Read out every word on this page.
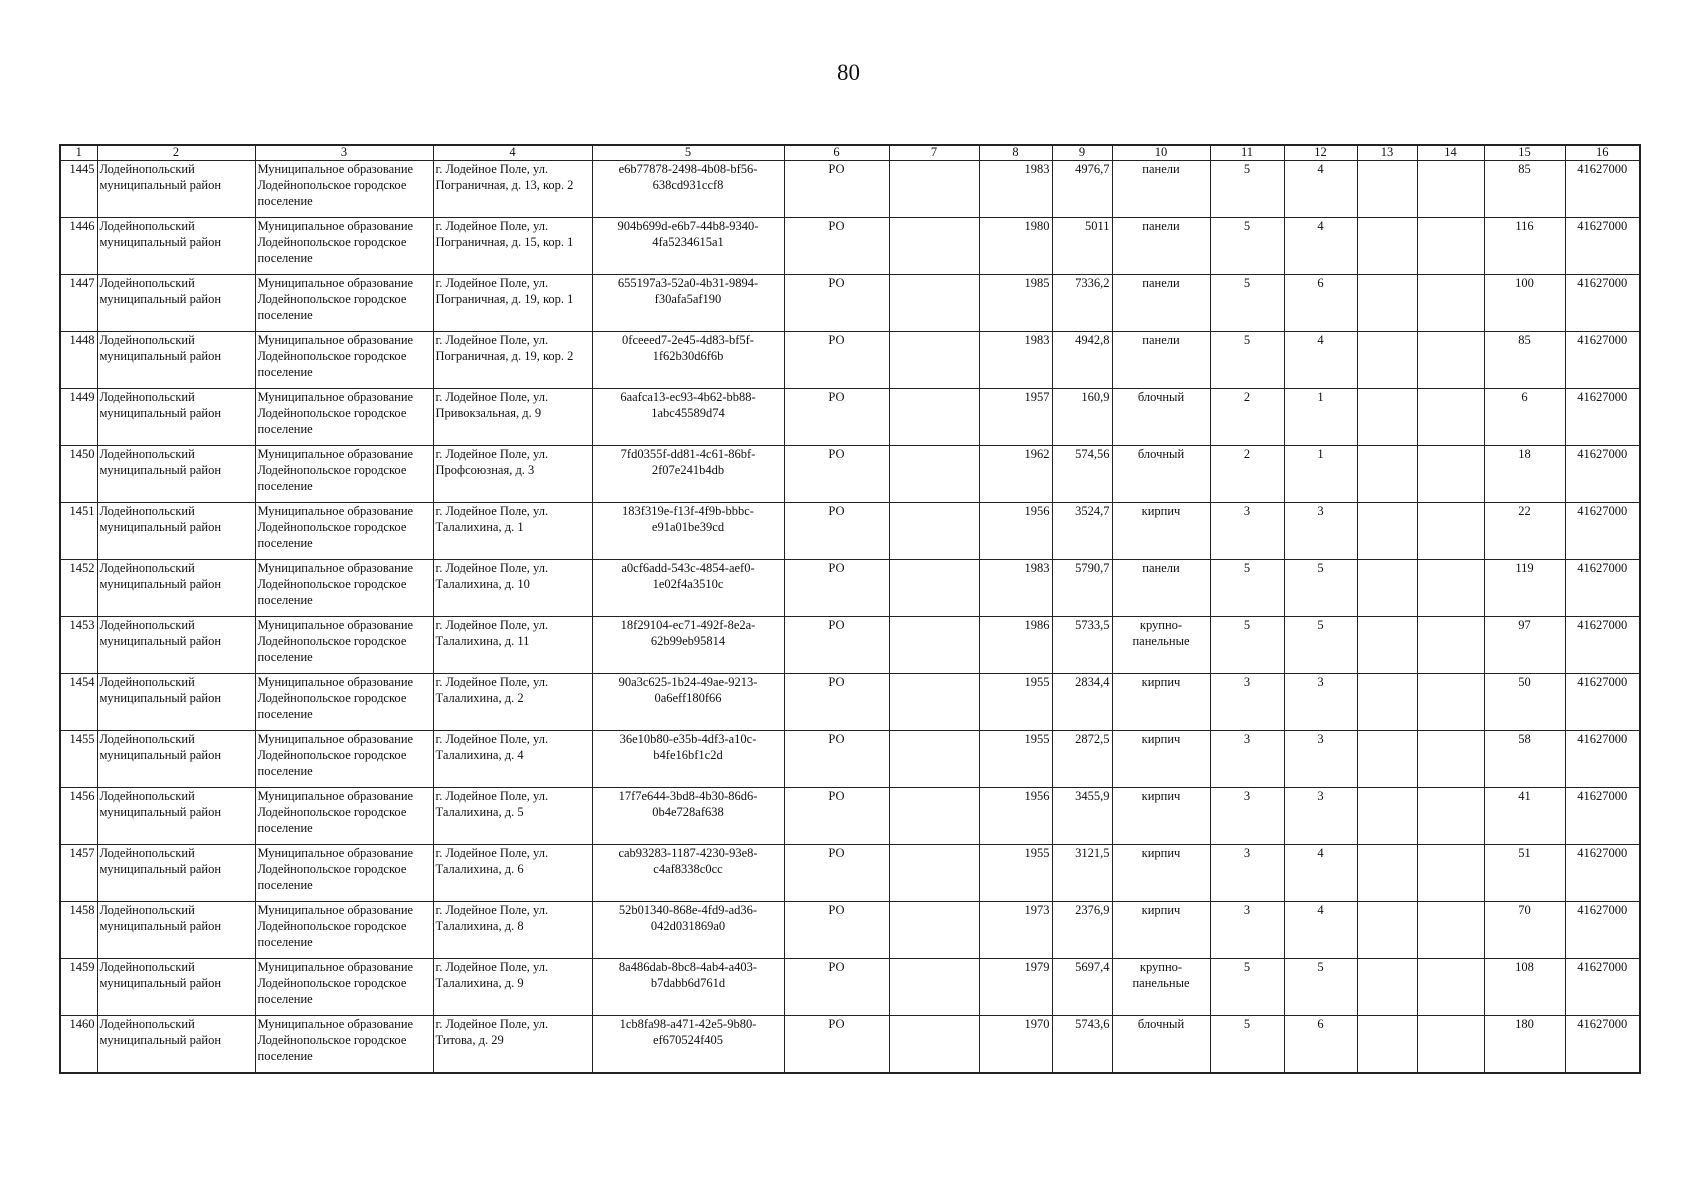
80
1	2	3	4	5	6	7	8	9	10	11	12	13	14	15	16
1445	Лодейнопольский муниципальный район	Муниципальное образование Лодейнопольское городское поселение	г. Лодейное Поле, ул. Пограничная, д. 13, кор. 2	e6b77878-2498-4b08-bf56-638cd931ccf8	РО		1983	4976,7	панели	5	4			85	41627000
1446	Лодейнопольский муниципальный район	Муниципальное образование Лодейнопольское городское поселение	г. Лодейное Поле, ул. Пограничная, д. 15, кор. 1	904b699d-e6b7-44b8-9340-4fa5234615a1	РО		1980	5011	панели	5	4			116	41627000
1447	Лодейнопольский муниципальный район	Муниципальное образование Лодейнопольское городское поселение	г. Лодейное Поле, ул. Пограничная, д. 19, кор. 1	655197a3-52a0-4b31-9894-f30afa5af190	РО		1985	7336,2	панели	5	6			100	41627000
1448	Лодейнопольский муниципальный район	Муниципальное образование Лодейнопольское городское поселение	г. Лодейное Поле, ул. Пограничная, д. 19, кор. 2	0fceeed7-2e45-4d83-bf5f-1f62b30d6f6b	РО		1983	4942,8	панели	5	4			85	41627000
1449	Лодейнопольский муниципальный район	Муниципальное образование Лодейнопольское городское поселение	г. Лодейное Поле, ул. Привокзальная, д. 9	6aafca13-ec93-4b62-bb88-1abc45589d74	РО		1957	160,9	блочный	2	1			6	41627000
1450	Лодейнопольский муниципальный район	Муниципальное образование Лодейнопольское городское поселение	г. Лодейное Поле, ул. Профсоюзная, д. 3	7fd0355f-dd81-4c61-86bf-2f07e241b4db	РО		1962	574,56	блочный	2	1			18	41627000
1451	Лодейнопольский муниципальный район	Муниципальное образование Лодейнопольское городское поселение	г. Лодейное Поле, ул. Талалихина, д. 1	183f319e-f13f-4f9b-bbbc-e91a01be39cd	РО		1956	3524,7	кирпич	3	3			22	41627000
1452	Лодейнопольский муниципальный район	Муниципальное образование Лодейнопольское городское поселение	г. Лодейное Поле, ул. Талалихина, д. 10	a0cf6add-543c-4854-aef0-1e02f4a3510c	РО		1983	5790,7	панели	5	5			119	41627000
1453	Лодейнопольский муниципальный район	Муниципальное образование Лодейнопольское городское поселение	г. Лодейное Поле, ул. Талалихина, д. 11	18f29104-ec71-492f-8e2a-62b99eb95814	РО		1986	5733,5	крупно-панельные	5	5			97	41627000
1454	Лодейнопольский муниципальный район	Муниципальное образование Лодейнопольское городское поселение	г. Лодейное Поле, ул. Талалихина, д. 2	90a3c625-1b24-49ae-9213-0a6eff180f66	РО		1955	2834,4	кирпич	3	3			50	41627000
1455	Лодейнопольский муниципальный район	Муниципальное образование Лодейнопольское городское поселение	г. Лодейное Поле, ул. Талалихина, д. 4	36e10b80-e35b-4df3-a10c-b4fe16bf1c2d	РО		1955	2872,5	кирпич	3	3			58	41627000
1456	Лодейнопольский муниципальный район	Муниципальное образование Лодейнопольское городское поселение	г. Лодейное Поле, ул. Талалихина, д. 5	17f7e644-3bd8-4b30-86d6-0b4e728af638	РО		1956	3455,9	кирпич	3	3			41	41627000
1457	Лодейнопольский муниципальный район	Муниципальное образование Лодейнопольское городское поселение	г. Лодейное Поле, ул. Талалихина, д. 6	cab93283-1187-4230-93e8-c4af8338c0cc	РО		1955	3121,5	кирпич	3	4			51	41627000
1458	Лодейнопольский муниципальный район	Муниципальное образование Лодейнопольское городское поселение	г. Лодейное Поле, ул. Талалихина, д. 8	52b01340-868e-4fd9-ad36-042d031869a0	РО		1973	2376,9	кирпич	3	4			70	41627000
1459	Лодейнопольский муниципальный район	Муниципальное образование Лодейнопольское городское поселение	г. Лодейное Поле, ул. Талалихина, д. 9	8a486dab-8bc8-4ab4-a403-b7dabb6d761d	РО		1979	5697,4	крупно-панельные	5	5			108	41627000
1460	Лодейнопольский муниципальный район	Муниципальное образование Лодейнопольское городское поселение	г. Лодейное Поле, ул. Титова, д. 29	1cb8fa98-a471-42e5-9b80-ef670524f405	РО		1970	5743,6	блочный	5	6			180	41627000
